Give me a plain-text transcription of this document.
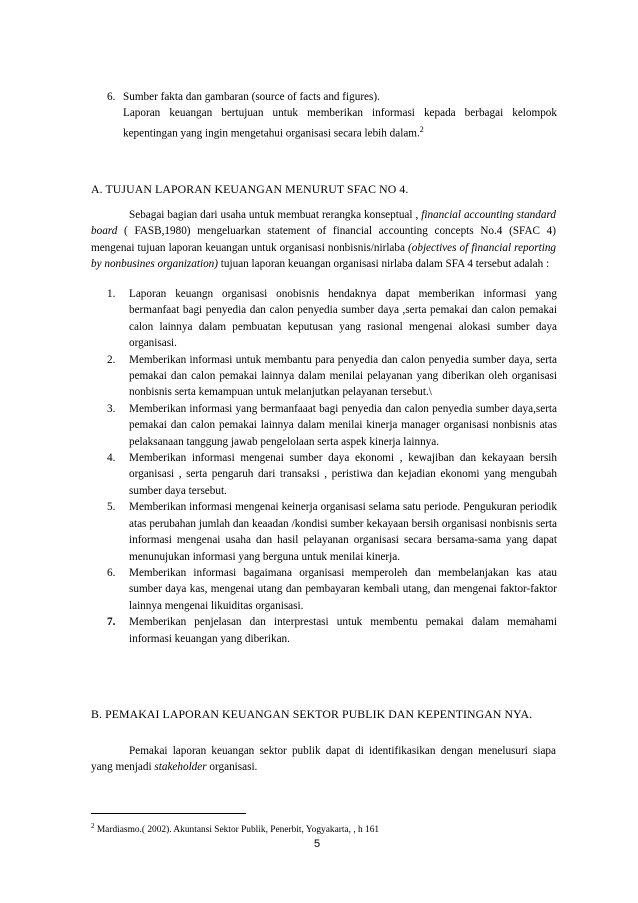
6. Sumber fakta dan gambaran (source of facts and figures).
Laporan keuangan bertujuan untuk memberikan informasi kepada berbagai kelompok kepentingan yang ingin mengetahui organisasi secara lebih dalam.$^2$
A. TUJUAN LAPORAN KEUANGAN MENURUT SFAC NO 4.
Sebagai bagian dari usaha untuk membuat rerangka konseptual , financial accounting standard board ( FASB,1980) mengeluarkan statement of financial accounting concepts No.4 (SFAC 4) mengenai tujuan laporan keuangan untuk organisasi nonbisnis/nirlaba (objectives of financial reporting by nonbusines organization) tujuan laporan keuangan organisasi nirlaba dalam SFA 4 tersebut adalah :
1. Laporan keuangn organisasi onobisnis hendaknya dapat memberikan informasi yang bermanfaat bagi penyedia dan calon penyedia sumber daya ,serta pemakai dan calon pemakai calon lainnya dalam pembuatan keputusan yang rasional mengenai alokasi sumber daya organisasi.
2. Memberikan informasi untuk membantu para penyedia dan calon penyedia sumber daya, serta pemakai dan calon pemakai lainnya dalam menilai pelayanan yang diberikan oleh organisasi nonbisnis serta kemampuan untuk melanjutkan pelayanan tersebut.\
3. Memberikan informasi yang bermanfaaat bagi penyedia dan calon penyedia sumber daya,serta pemakai dan calon pemakai lainnya dalam menilai kinerja manager organisasi nonbisnis atas pelaksanaan tanggung jawab pengelolaan serta aspek kinerja lainnya.
4. Memberikan informasi mengenai sumber daya ekonomi , kewajiban dan kekayaan bersih organisasi , serta pengaruh dari transaksi , peristiwa dan kejadian ekonomi yang mengubah sumber daya tersebut.
5. Memberikan informasi mengenai keinerja organisasi selama satu periode. Pengukuran periodik atas perubahan jumlah dan keaadan /kondisi sumber kekayaan bersih organisasi nonbisnis serta informasi mengenai usaha dan hasil pelayanan organisasi secara bersama-sama yang dapat menunujukan informasi yang berguna untuk menilai kinerja.
6. Memberikan informasi bagaimana organisasi memperoleh dan membelanjakan kas atau sumber daya kas, mengenai utang dan pembayaran kembali utang, dan mengenai faktor-faktor lainnya mengenai likuiditas organisasi.
7. Memberikan penjelasan dan interprestasi untuk membentu pemakai dalam memahami informasi keuangan yang diberikan.
B. PEMAKAI LAPORAN KEUANGAN SEKTOR PUBLIK DAN KEPENTINGAN NYA.
Pemakai laporan keuangan sektor publik dapat di identifikasikan dengan menelusuri siapa yang menjadi stakeholder organisasi.
$^2$ Mardiasmo.( 2002). Akuntansi Sektor Publik, Penerbit, Yogyakarta, , h 161
5
